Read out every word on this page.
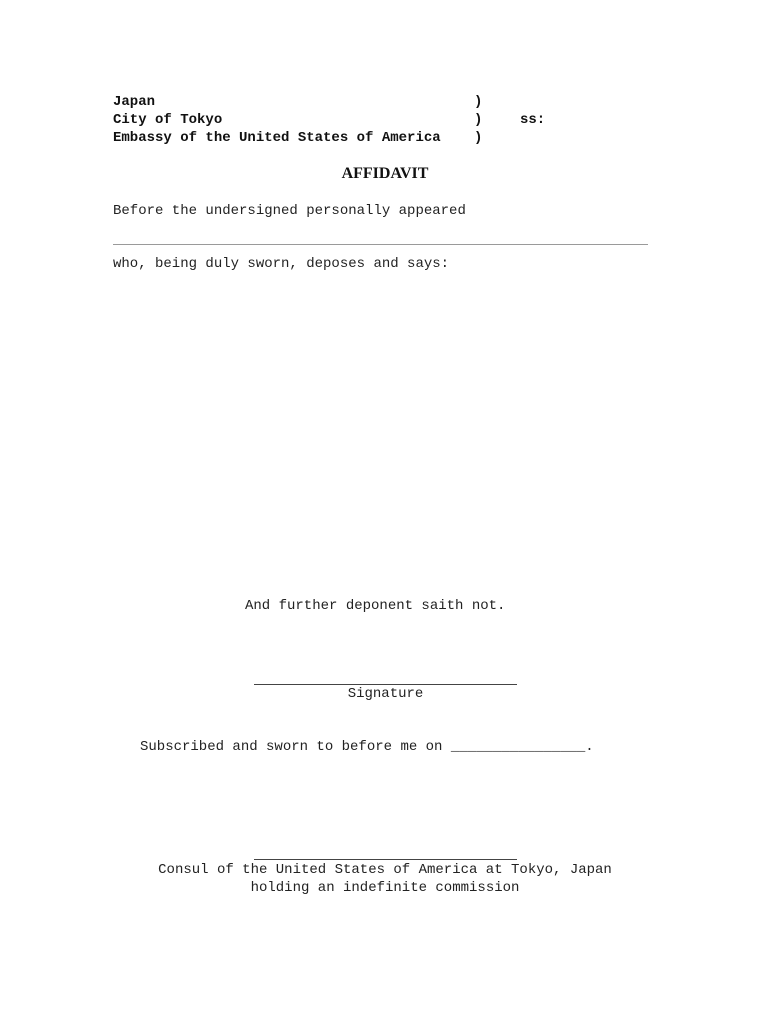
Japan
City of Tokyo
Embassy of the United States of America
)
)
)
ss:
AFFIDAVIT
Before the undersigned personally appeared
who, being duly sworn, deposes and says:
And further deponent saith not.
Signature
Subscribed and sworn to before me on ________________.
Consul of the United States of America at Tokyo, Japan
holding an indefinite commission
